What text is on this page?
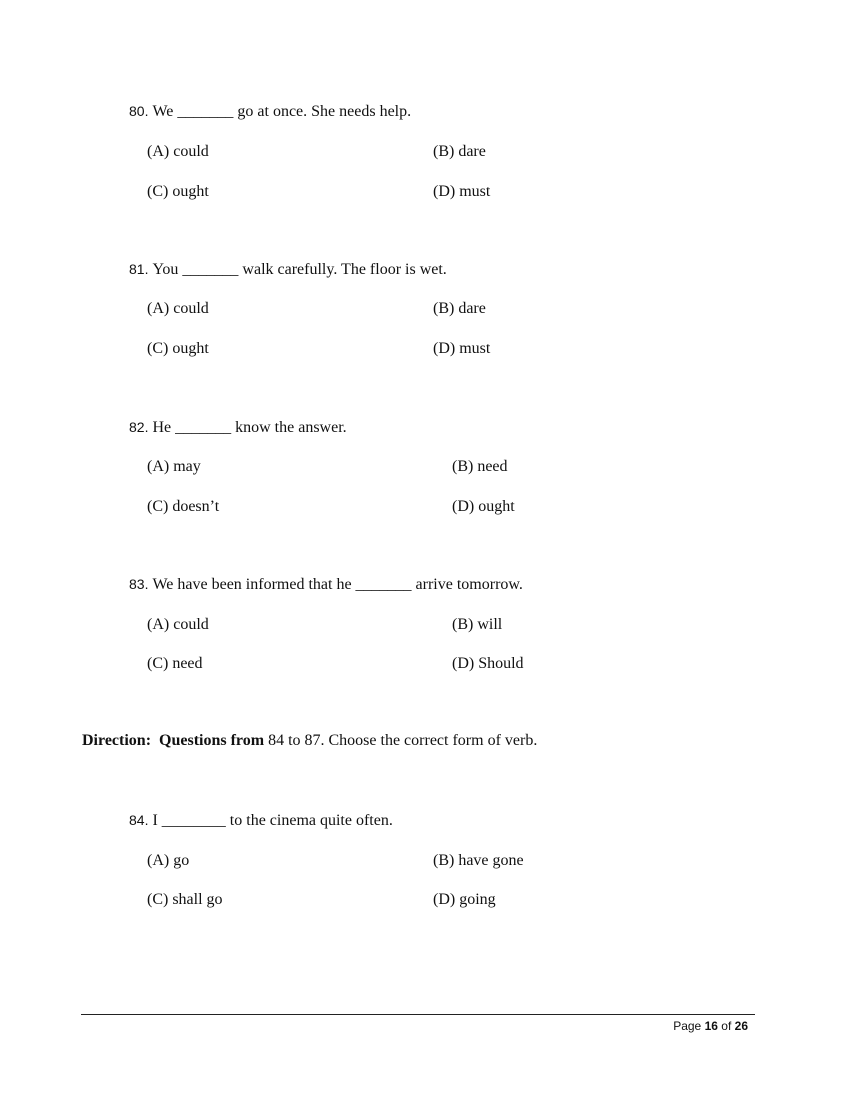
80. We _______ go at once. She needs help.
(A) could	(B) dare
(C) ought	(D) must
81. You _______ walk carefully. The floor is wet.
(A) could	(B) dare
(C) ought	(D) must
82. He _______ know the answer.
(A) may	(B) need
(C) doesn’t	(D) ought
83. We have been informed that he _______ arrive tomorrow.
(A) could	(B) will
(C) need	(D) Should
Direction: Questions from 84 to 87. Choose the correct form of verb.
84. I ________ to the cinema quite often.
(A) go	(B) have gone
(C) shall go	(D) going
Page 16 of 26
